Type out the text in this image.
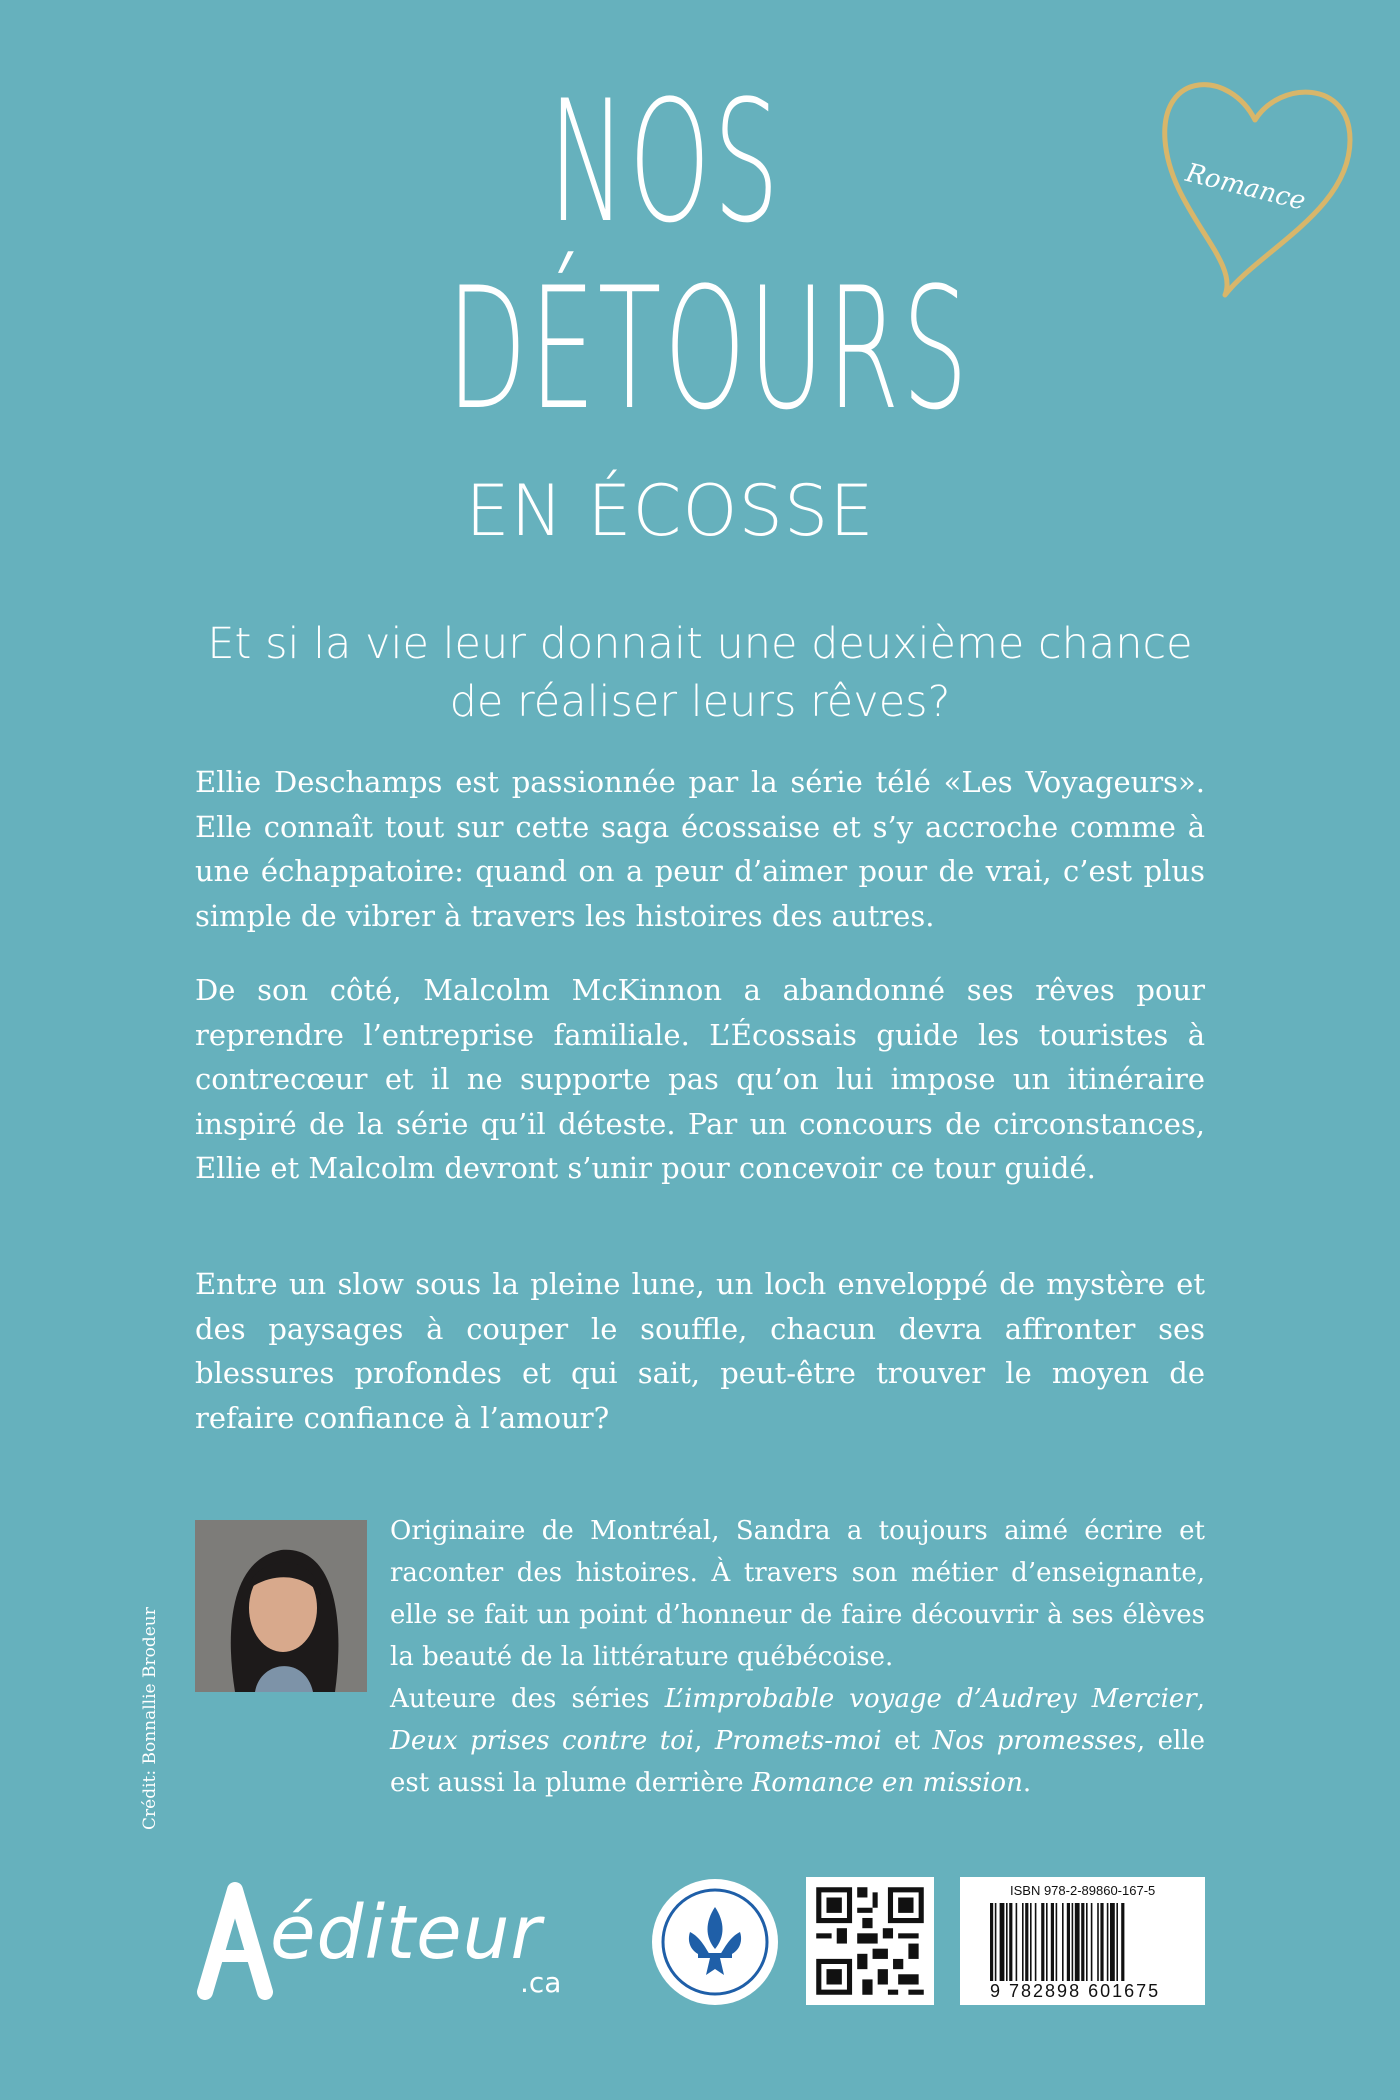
Romance
NOS
DÉTOURS
EN ÉCOSSE
Et si la vie leur donnait une deuxième chance
de réaliser leurs rêves?

Ellie Deschamps est passionnée par la série télé «Les Voyageurs». Elle connaît tout sur cette saga écossaise et s’y accroche comme à une échappatoire: quand on a peur d’aimer pour de vrai, c’est plus simple de vibrer à travers les histoires des autres.

De son côté, Malcolm McKinnon a abandonné ses rêves pour reprendre l’entreprise familiale. L’Écossais guide les touristes à contrecœur et il ne supporte pas qu’on lui impose un itinéraire inspiré de la série qu’il déteste. Par un concours de circonstances, Ellie et Malcolm devront s’unir pour concevoir ce tour guidé.

Entre un slow sous la pleine lune, un loch enveloppé de mystère et des paysages à couper le souffle, chacun devra affronter ses blessures profondes et qui sait, peut-être trouver le moyen de refaire confiance à l’amour?

Crédit: Bonnallie Brodeur

Originaire de Montréal, Sandra a toujours aimé écrire et raconter des histoires. À travers son métier d’enseignante, elle se fait un point d’honneur de faire découvrir à ses élèves la beauté de la littérature québécoise.

Auteure des séries L’improbable voyage d’Audrey Mercier, Deux prises contre toi, Promets-moi et Nos promesses, elle est aussi la plume derrière Romance en mission.

éditeur
.ca
ISBN 978-2-89860-167-5
9 782898 601675
